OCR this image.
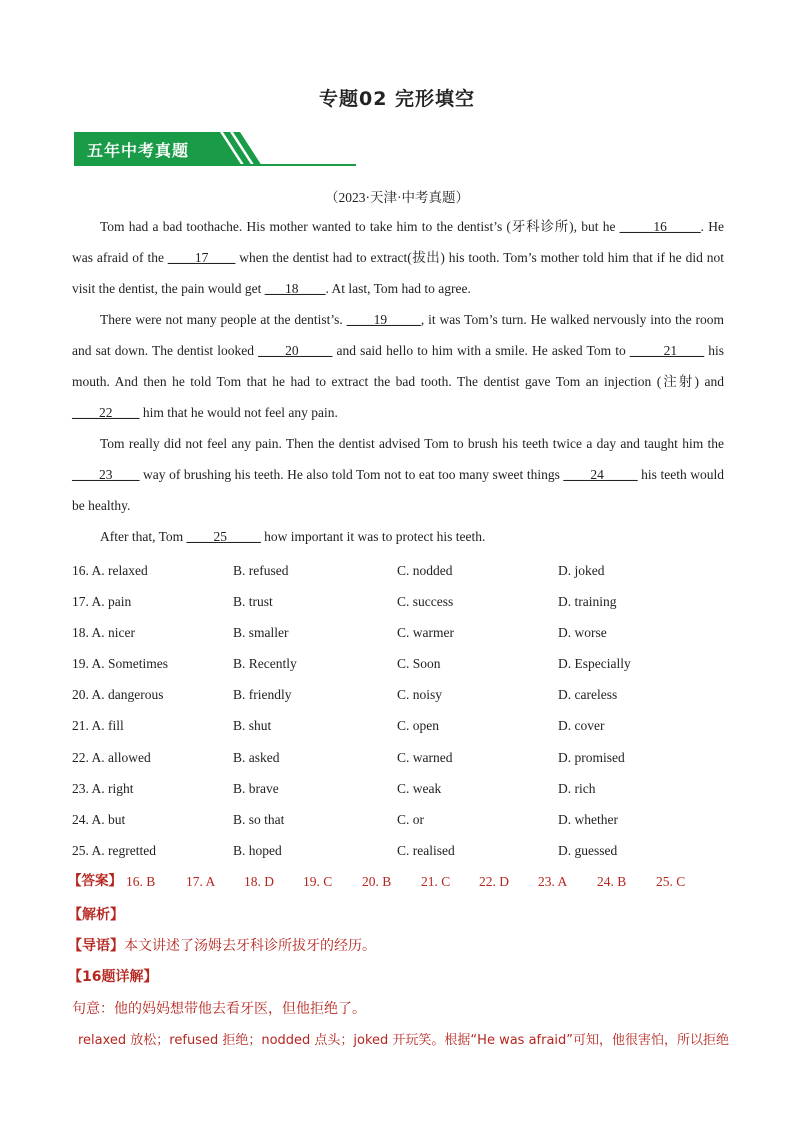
专题02 完形填空
五年中考真题
（2023·天津·中考真题）

Tom had a bad toothache. His mother wanted to take him to the dentist’s (牙科诊所), but he _____16_____. He was afraid of the ____17____ when the dentist had to extract(拔出) his tooth. Tom’s mother told him that if he did not visit the dentist, the pain would get ___18____. At last, Tom had to agree.

There were not many people at the dentist’s. ____19_____, it was Tom’s turn. He walked nervously into the room and sat down. The dentist looked ____20_____ and said hello to him with a smile. He asked Tom to _____21____ his mouth. And then he told Tom that he had to extract the bad tooth. The dentist gave Tom an injection (注射) and ____22____ him that he would not feel any pain.

Tom really did not feel any pain. Then the dentist advised Tom to brush his teeth twice a day and taught him the ____23____ way of brushing his teeth. He also told Tom not to eat too many sweet things ____24_____ his teeth would be healthy.

After that, Tom ____25_____ how important it was to protect his teeth.

16. A. relaxed	B. refused	C. nodded	D. joked
17. A. pain	B. trust	C. success	D. training
18. A. nicer	B. smaller	C. warmer	D. worse
19. A. Sometimes	B. Recently	C. Soon	D. Especially
20. A. dangerous	B. friendly	C. noisy	D. careless
21. A. fill	B. shut	C. open	D. cover
22. A. allowed	B. asked	C. warned	D. promised
23. A. right	B. brave	C. weak	D. rich
24. A. but	B. so that	C. or	D. whether
25. A. regretted	B. hoped	C. realised	D. guessed
【答案】 16. B 17. A 18. D 19. C 20. B 21. C 22. D 23. A 24. B 25. C
【解析】
【导语】本文讲述了汤姆去牙科诊所拔牙的经历。
【16题详解】
句意：他的妈妈想带他去看牙医，但他拒绝了。
relaxed 放松；refused 拒绝；nodded 点头；joked 开玩笑。根据“He was afraid”可知，他很害怕，所以拒绝
